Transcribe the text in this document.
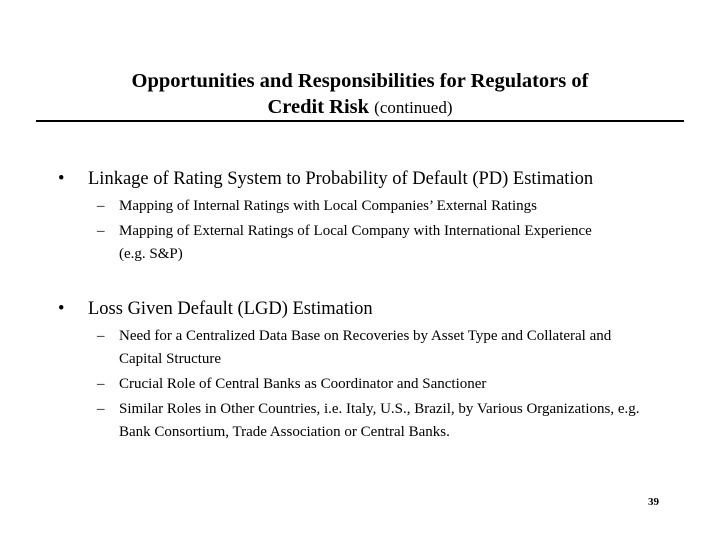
Opportunities and Responsibilities for Regulators of
Credit Risk (continued)
• Linkage of Rating System to Probability of Default (PD) Estimation
– Mapping of Internal Ratings with Local Companies’ External Ratings
– Mapping of External Ratings of Local Company with International Experience (e.g. S&P)
• Loss Given Default (LGD) Estimation
– Need for a Centralized Data Base on Recoveries by Asset Type and Collateral and Capital Structure
– Crucial Role of Central Banks as Coordinator and Sanctioner
– Similar Roles in Other Countries, i.e. Italy, U.S., Brazil, by Various Organizations, e.g. Bank Consortium, Trade Association or Central Banks.
39
